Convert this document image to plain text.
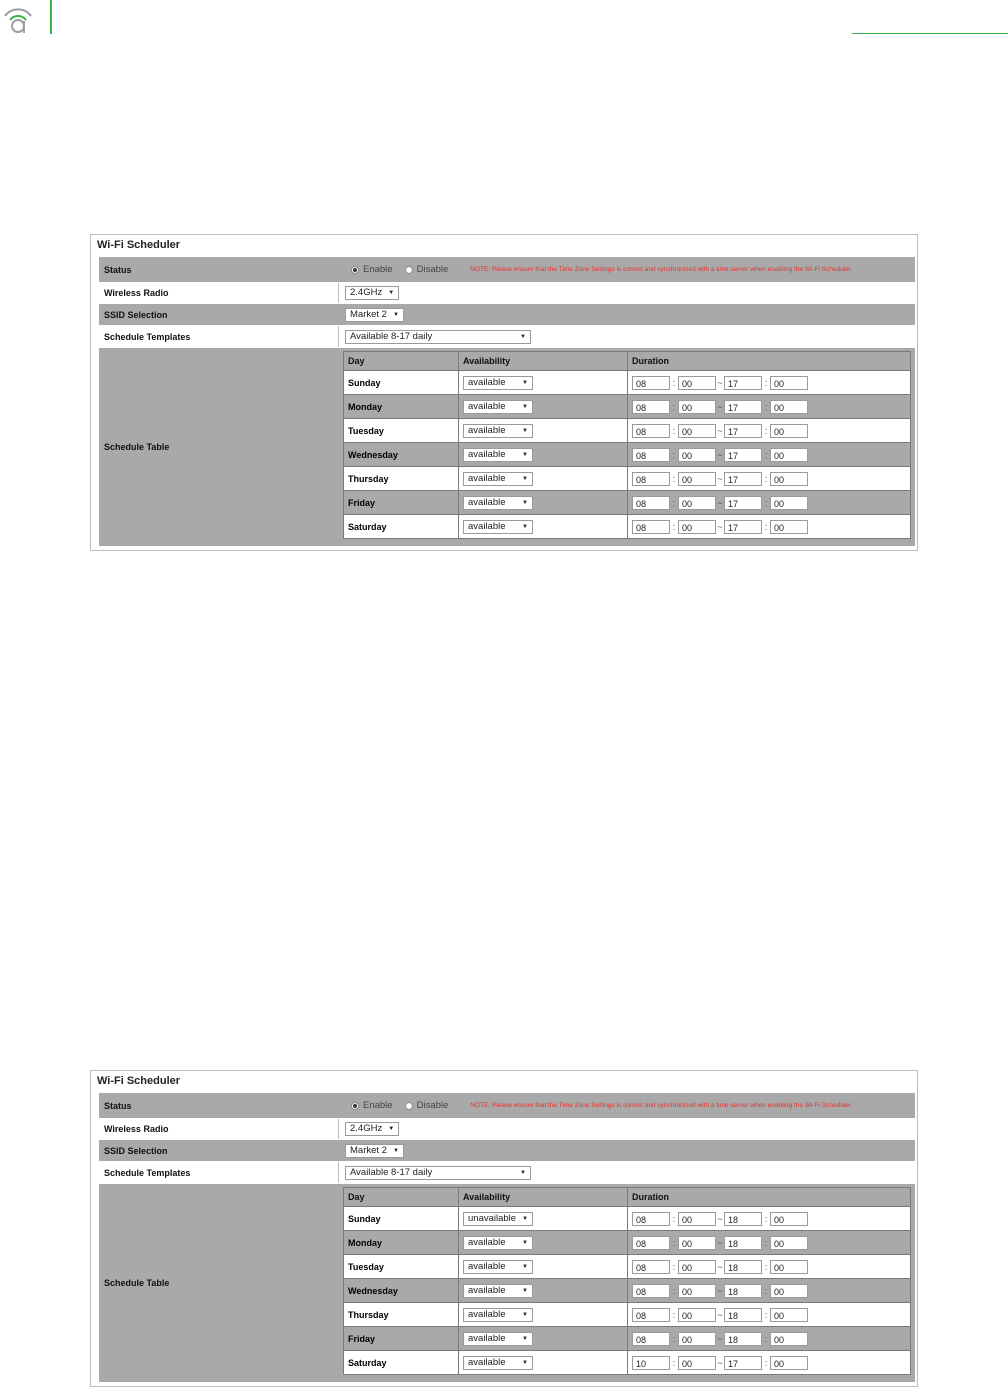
Wi-Fi Scheduler
Status	Enable	Disable	NOTE: Please ensure that the Time Zone Settings is correct and synchronized with a time server when enabling the Wi-Fi Scheduler.
Wireless Radio	2.4GHz	▼
SSID Selection	Market 2	▼
Schedule Templates	Available 8-17 daily	▼
Schedule Table
Day	Availability	Duration
Sunday	available ▼	08 : 00 ~ 17 : 00
Monday	available ▼	08 : 00 ~ 17 : 00
Tuesday	available ▼	08 : 00 ~ 17 : 00
Wednesday	available ▼	08 : 00 ~ 17 : 00
Thursday	available ▼	08 : 00 ~ 17 : 00
Friday	available ▼	08 : 00 ~ 17 : 00
Saturday	available ▼	08 : 00 ~ 17 : 00
Wi-Fi Scheduler
Status	Enable	Disable	NOTE: Please ensure that the Time Zone Settings is correct and synchronized with a time server when enabling the Wi-Fi Scheduler.
Wireless Radio	2.4GHz	▼
SSID Selection	Market 2	▼
Schedule Templates	Available 8-17 daily	▼
Schedule Table
Day	Availability	Duration
Sunday	unavailable ▼	08 : 00 ~ 18 : 00
Monday	available ▼	08 : 00 ~ 18 : 00
Tuesday	available ▼	08 : 00 ~ 18 : 00
Wednesday	available ▼	08 : 00 ~ 18 : 00
Thursday	available ▼	08 : 00 ~ 18 : 00
Friday	available ▼	08 : 00 ~ 18 : 00
Saturday	available ▼	10 : 00 ~ 17 : 00
